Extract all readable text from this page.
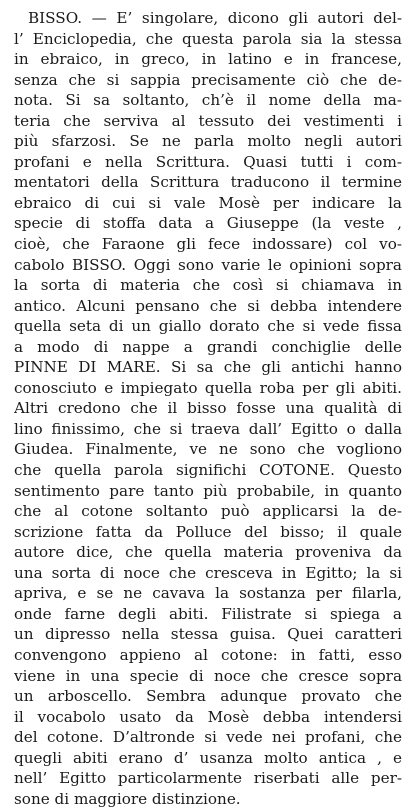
BISSO. — E’ singolare, dicono gli autori del-
l’ Enciclopedia, che questa parola sia la stessa
in ebraico, in greco, in latino e in francese,
senza che si sappia precisamente ciò che de-
nota. Si sa soltanto, ch’è il nome della ma-
teria che serviva al tessuto dei vestimenti i
più sfarzosi. Se ne parla molto negli autori
profani e nella Scrittura. Quasi tutti i com-
mentatori della Scrittura traducono il termine
ebraico di cui si vale Mosè per indicare la
specie di stoffa data a Giuseppe (la veste ,
cioè, che Faraone gli fece indossare) col vo-
cabolo BISSO. Oggi sono varie le opinioni sopra
la sorta di materia che così si chiamava in
antico. Alcuni pensano che si debba intendere
quella seta di un giallo dorato che si vede fissa
a modo di nappe a grandi conchiglie delle
PINNE DI MARE. Si sa che gli antichi hanno
conosciuto e impiegato quella roba per gli abiti.
Altri credono che il bisso fosse una qualità di
lino finissimo, che si traeva dall’ Egitto o dalla
Giudea. Finalmente, ve ne sono che vogliono
che quella parola significhi COTONE. Questo
sentimento pare tanto più probabile, in quanto
che al cotone soltanto può applicarsi la de-
scrizione fatta da Polluce del bisso; il quale
autore dice, che quella materia proveniva da
una sorta di noce che cresceva in Egitto; la si
apriva, e se ne cavava la sostanza per filarla,
onde farne degli abiti. Filistrate si spiega a
un dipresso nella stessa guisa. Quei caratteri
convengono appieno al cotone: in fatti, esso
viene in una specie di noce che cresce sopra
un arboscello. Sembra adunque provato che
il vocabolo usato da Mosè debba intendersi
del cotone. D’altronde si vede nei profani, che
quegli abiti erano d’ usanza molto antica , e
nell’ Egitto particolarmente riserbati alle per-
sone di maggiore distinzione.
